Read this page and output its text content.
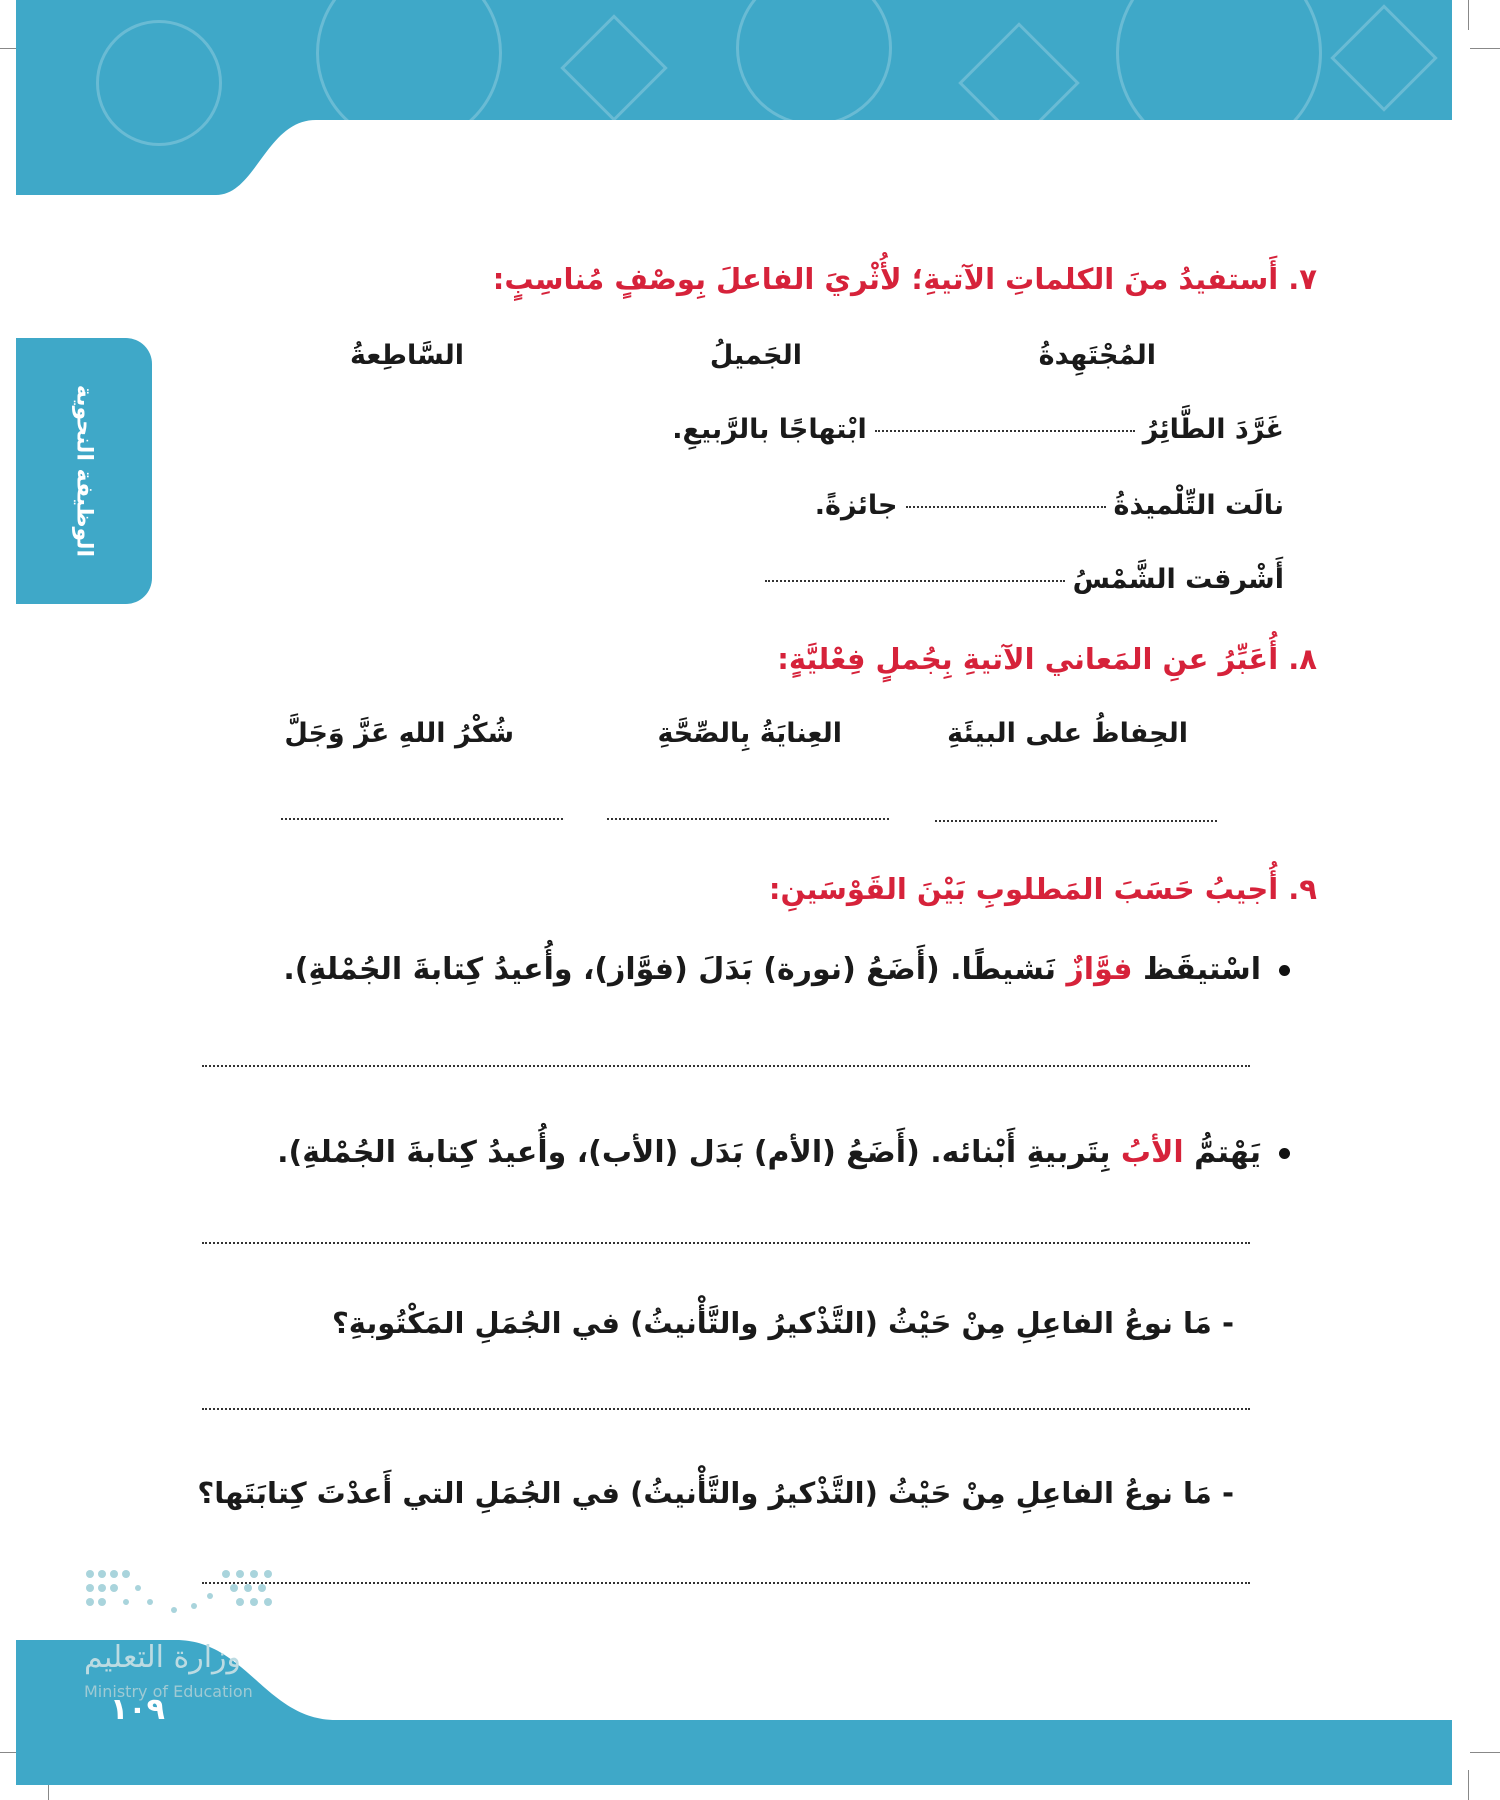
الوظيفة النحوية
٧. أَستفيدُ منَ الكلماتِ الآتيةِ؛ لأُثْريَ الفاعلَ بِوصْفٍ مُناسِبٍ:
المُجْتَهِدةُ
الجَميلُ
السَّاطِعةُ
غَرَّدَ الطَّائِرُابْتهاجًا بالرَّبيعِ.
نالَت التِّلْميذةُجائزةً.
أَشْرقت الشَّمْسُ
٨. أُعَبِّرُ عنِ المَعاني الآتيةِ بِجُملٍ فِعْليَّةٍ:
الحِفاظُ على البيئَةِ
العِنايَةُ بِالصِّحَّةِ
شُكْرُ اللهِ عَزَّ وَجَلَّ
٩. أُجيبُ حَسَبَ المَطلوبِ بَيْنَ القَوْسَينِ:
اسْتيقَظ فوَّازٌ نَشيطًا. (أَضَعُ (نورة) بَدَلَ (فوَّاز)، وأُعيدُ كِتابةَ الجُمْلةِ).
يَهْتمُّ الأبُ بِتَربيةِ أَبْنائه. (أَضَعُ (الأم) بَدَل (الأب)، وأُعيدُ كِتابةَ الجُمْلةِ).
- مَا نوعُ الفاعِلِ مِنْ حَيْثُ (التَّذْكيرُ والتَّأْنيثُ) في الجُمَلِ المَكْتُوبةِ؟
- مَا نوعُ الفاعِلِ مِنْ حَيْثُ (التَّذْكيرُ والتَّأْنيثُ) في الجُمَلِ التي أَعدْتَ كِتابَتَها؟
وزارة التعليم
Ministry of Education
١٠٩
